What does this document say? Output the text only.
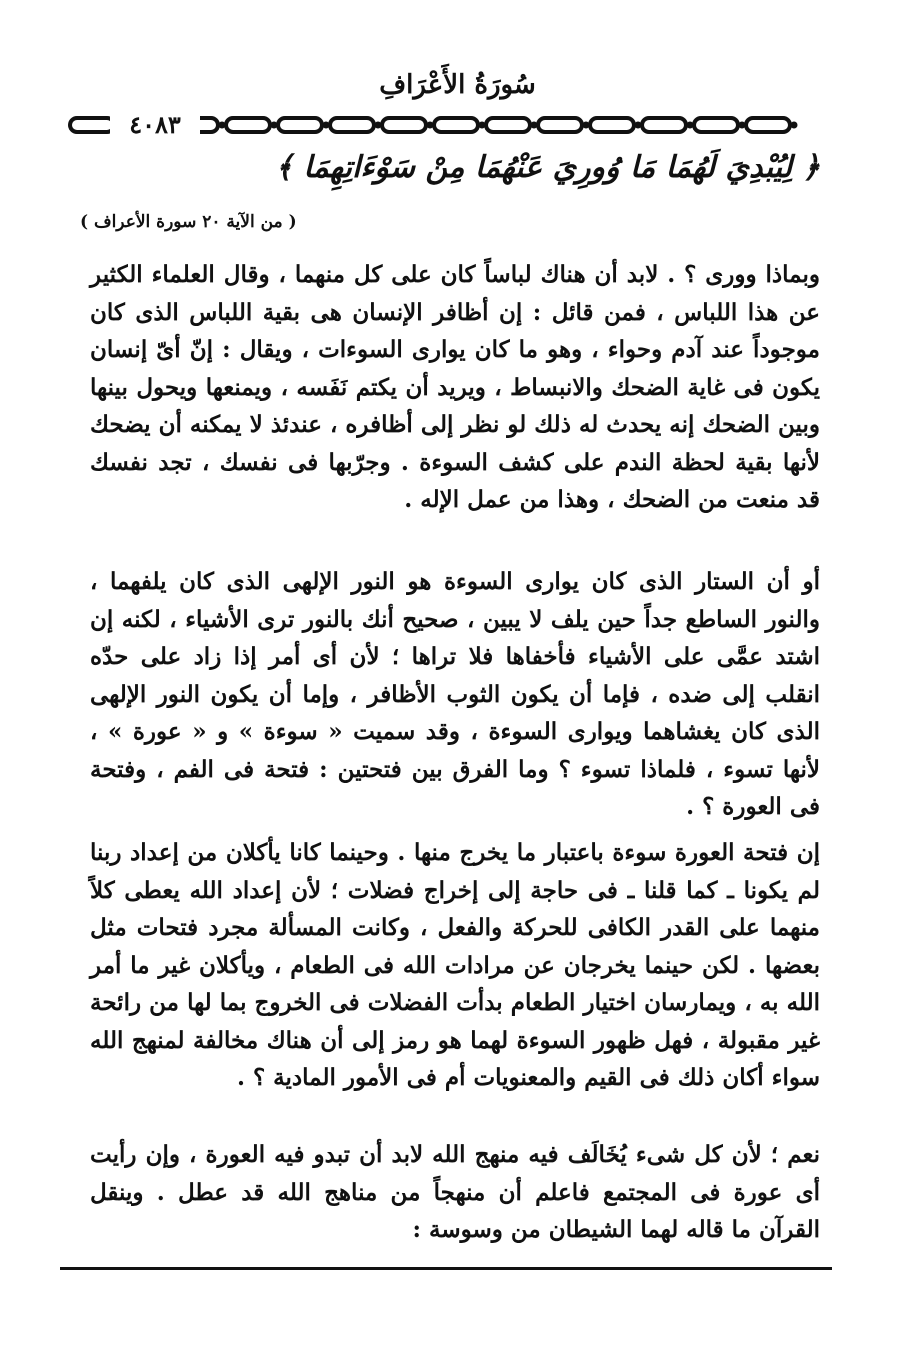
سُورَةُ الأَعْرَافِ
٤٠٨٣
﴿ لِيُبْدِيَ لَهُمَا مَا وُورِيَ عَنْهُمَا مِنْ سَوْءَاتِهِمَا ﴾
( من الآية ٢٠ سورة الأعراف )

وبماذا وورى ؟ . لابد أن هناك لباساً كان على كل منهما ، وقال العلماء الكثير عن هذا اللباس ، فمن قائل : إن أظافر الإنسان هى بقية اللباس الذى كان موجوداً عند آدم وحواء ، وهو ما كان يوارى السوءات ، ويقال : إنّ أىّ إنسان يكون فى غاية الضحك والانبساط ، ويريد أن يكتم نَفَسه ، ويمنعها ويحول بينها وبين الضحك إنه يحدث له ذلك لو نظر إلى أظافره ، عندئذ لا يمكنه أن يضحك لأنها بقية لحظة الندم على كشف السوءة . وجرّبها فى نفسك ، تجد نفسك قد منعت من الضحك ، وهذا من عمل الإله .

أو أن الستار الذى كان يوارى السوءة هو النور الإلهى الذى كان يلفهما ، والنور الساطع جداً حين يلف لا يبين ، صحيح أنك بالنور ترى الأشياء ، لكنه إن اشتد عمَّى على الأشياء فأخفاها فلا تراها ؛ لأن أى أمر إذا زاد على حدّه انقلب إلى ضده ، فإما أن يكون الثوب الأظافر ، وإما أن يكون النور الإلهى الذى كان يغشاهما ويوارى السوءة ، وقد سميت « سوءة » و « عورة » ، لأنها تسوء ، فلماذا تسوء ؟ وما الفرق بين فتحتين : فتحة فى الفم ، وفتحة فى العورة ؟ .

إن فتحة العورة سوءة باعتبار ما يخرج منها . وحينما كانا يأكلان من إعداد ربنا لم يكونا ـ كما قلنا ـ فى حاجة إلى إخراج فضلات ؛ لأن إعداد الله يعطى كلاً منهما على القدر الكافى للحركة والفعل ، وكانت المسألة مجرد فتحات مثل بعضها . لكن حينما يخرجان عن مرادات الله فى الطعام ، ويأكلان غير ما أمر الله به ، ويمارسان اختيار الطعام بدأت الفضلات فى الخروج بما لها من رائحة غير مقبولة ، فهل ظهور السوءة لهما هو رمز إلى أن هناك مخالفة لمنهج الله سواء أكان ذلك فى القيم والمعنويات أم فى الأمور المادية ؟ .

نعم ؛ لأن كل شىء يُخَالَف فيه منهج الله لابد أن تبدو فيه العورة ، وإن رأيت أى عورة فى المجتمع فاعلم أن منهجاً من مناهج الله قد عطل . وينقل القرآن ما قاله لهما الشيطان من وسوسة :
